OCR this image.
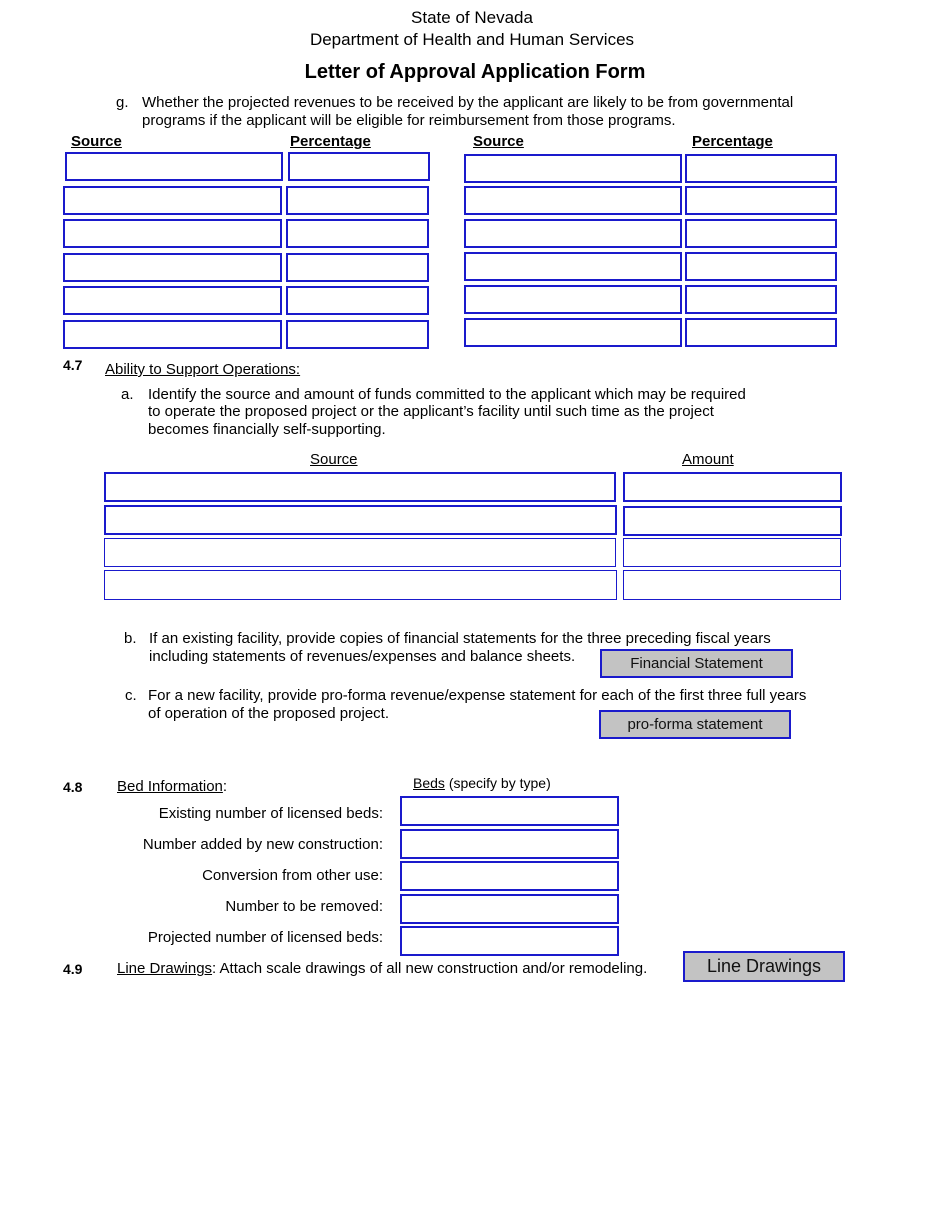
State of Nevada
Department of Health and Human Services
Letter of Approval Application Form
g. Whether the projected revenues to be received by the applicant are likely to be from governmental
programs if the applicant will be eligible for reimbursement from those programs.
Source	Percentage	Source	Percentage
4.7 Ability to Support Operations:
a. Identify the source and amount of funds committed to the applicant which may be required
to operate the proposed project or the applicant’s facility until such time as the project
becomes financially self-supporting.
Source	Amount
b. If an existing facility, provide copies of financial statements for the three preceding fiscal years
including statements of revenues/expenses and balance sheets.	Financial Statement
c. For a new facility, provide pro-forma revenue/expense statement for each of the first three full years
of operation of the proposed project.
pro-forma statement
4.8 Bed Information:	Beds (specify by type)
Existing number of licensed beds:
Number added by new construction:
Conversion from other use:
Number to be removed:
Projected number of licensed beds:
4.9 Line Drawings: Attach scale drawings of all new construction and/or remodeling.	Line Drawings
